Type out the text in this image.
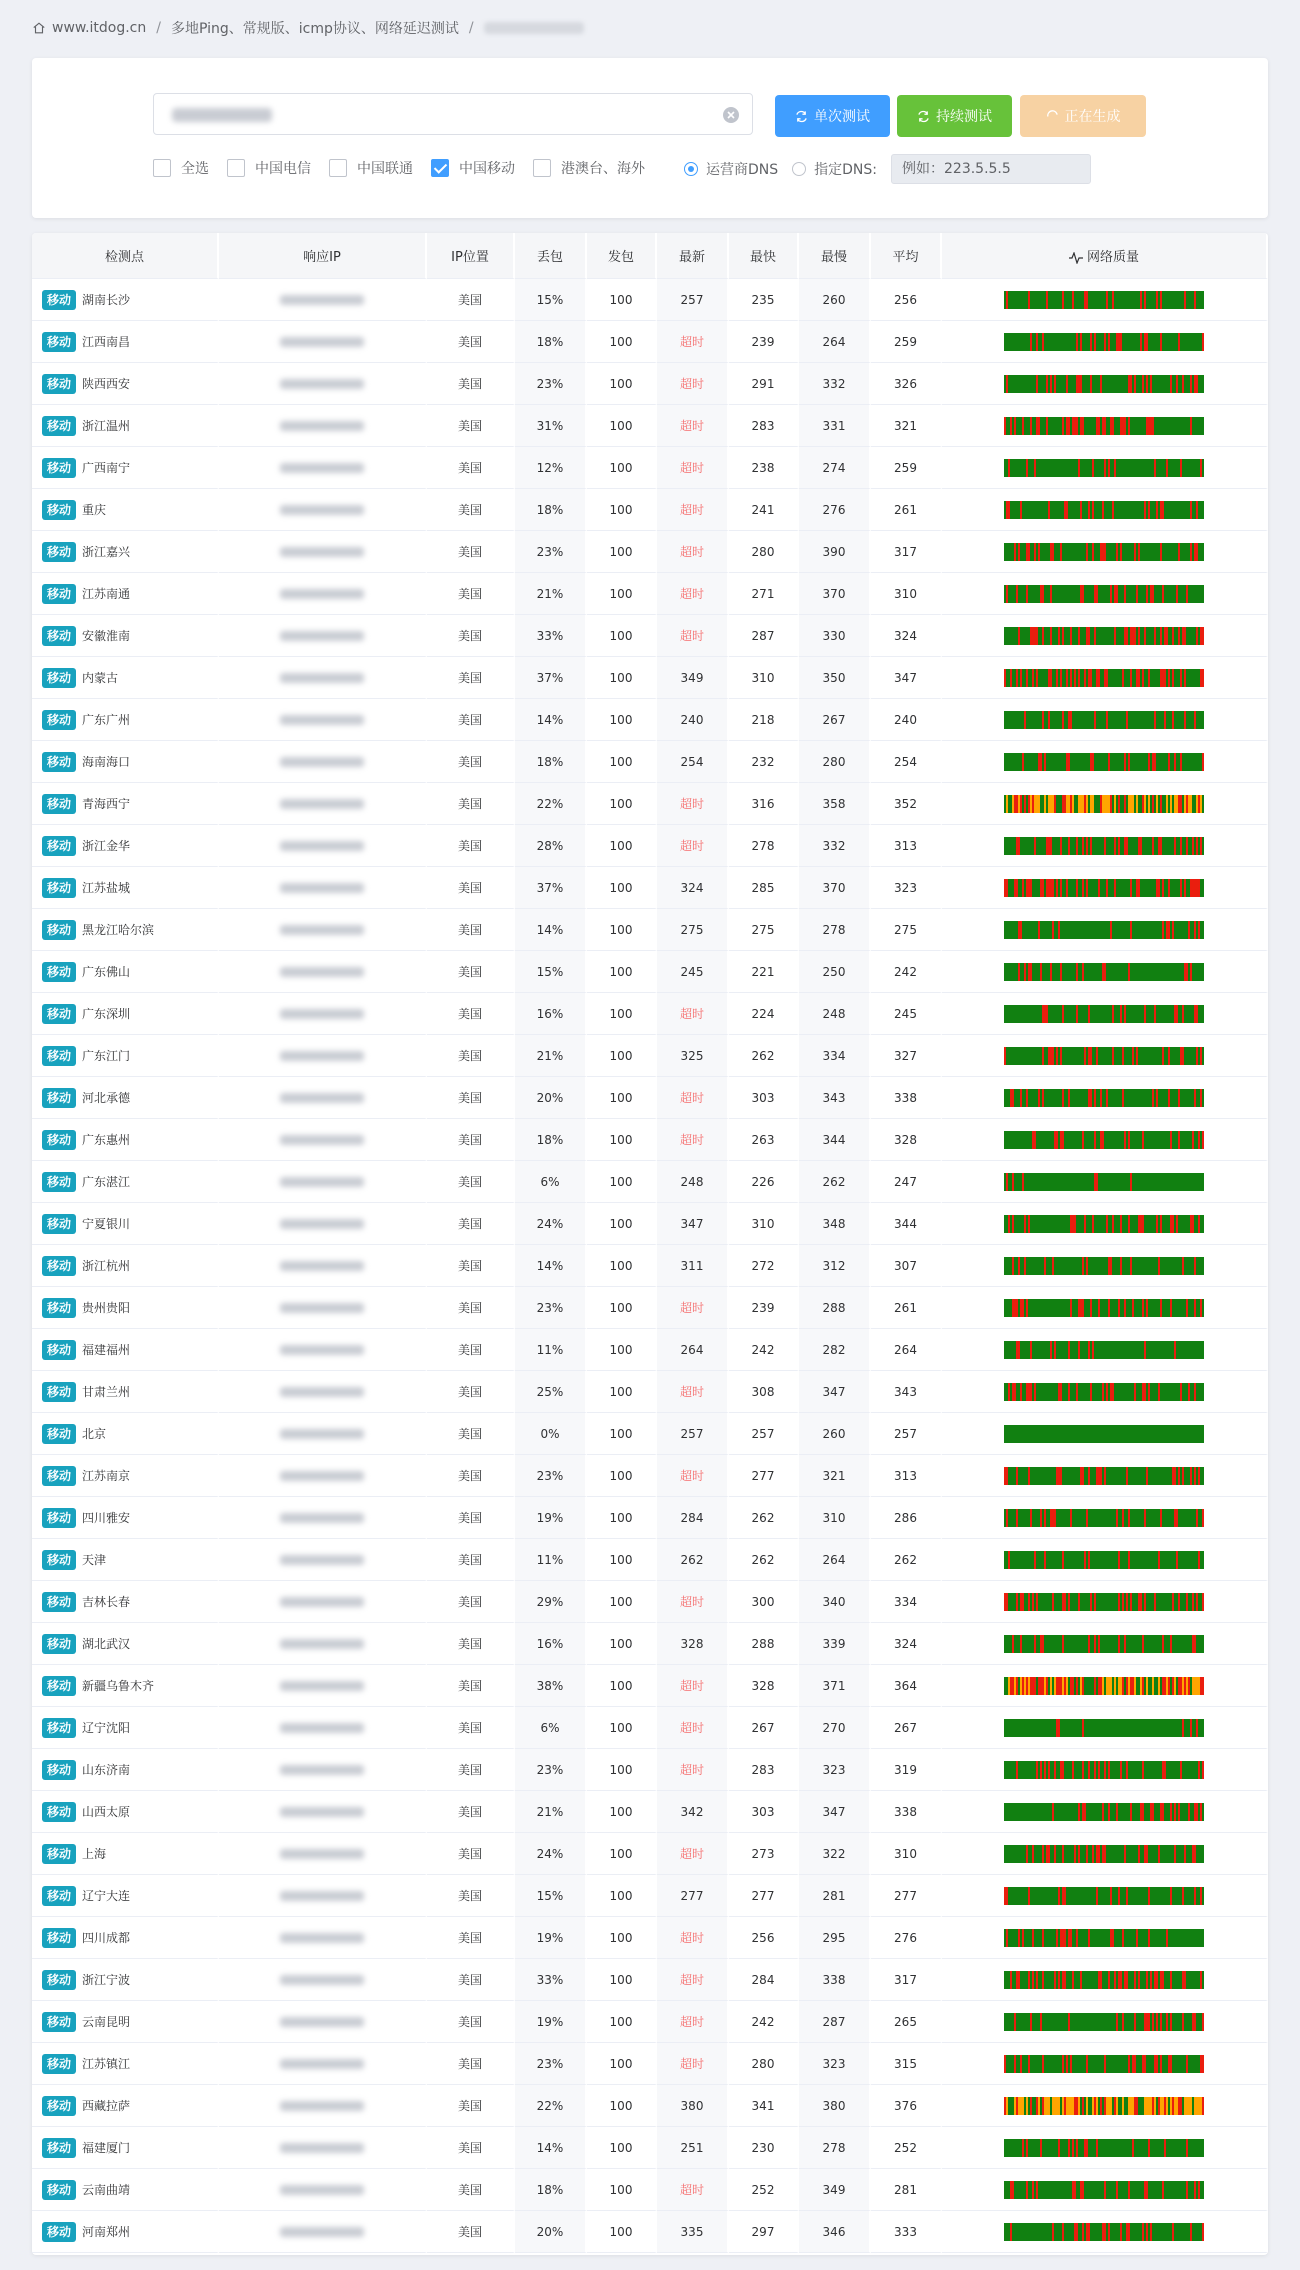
www.itdog.cn / 多地Ping、常规版、icmp协议、网络延迟测试 /
单次测试	持续测试	正在生成
全选	中国电信	中国联通	中国移动	港澳台、海外	运营商DNS	指定DNS:
例如：223.5.5.5
检测点	响应IP	IP位置	丢包	发包	最新	最快	最慢	平均	网络质量
移动 湖南长沙		美国	15%	100	257	235	260	256	

移动 江西南昌		美国	18%	100	超时	239	264	259	

移动 陕西西安		美国	23%	100	超时	291	332	326	

移动 浙江温州		美国	31%	100	超时	283	331	321	

移动 广西南宁		美国	12%	100	超时	238	274	259	

移动 重庆		美国	18%	100	超时	241	276	261	

移动 浙江嘉兴		美国	23%	100	超时	280	390	317	

移动 江苏南通		美国	21%	100	超时	271	370	310	

移动 安徽淮南		美国	33%	100	超时	287	330	324	

移动 内蒙古		美国	37%	100	349	310	350	347	

移动 广东广州		美国	14%	100	240	218	267	240	

移动 海南海口		美国	18%	100	254	232	280	254	

移动 青海西宁		美国	22%	100	超时	316	358	352	

移动 浙江金华		美国	28%	100	超时	278	332	313	

移动 江苏盐城		美国	37%	100	324	285	370	323	

移动 黑龙江哈尔滨		美国	14%	100	275	275	278	275	

移动 广东佛山		美国	15%	100	245	221	250	242	

移动 广东深圳		美国	16%	100	超时	224	248	245	

移动 广东江门		美国	21%	100	325	262	334	327	

移动 河北承德		美国	20%	100	超时	303	343	338	

移动 广东惠州		美国	18%	100	超时	263	344	328	

移动 广东湛江		美国	6%	100	248	226	262	247	

移动 宁夏银川		美国	24%	100	347	310	348	344	

移动 浙江杭州		美国	14%	100	311	272	312	307	

移动 贵州贵阳		美国	23%	100	超时	239	288	261	

移动 福建福州		美国	11%	100	264	242	282	264	

移动 甘肃兰州		美国	25%	100	超时	308	347	343	

移动 北京		美国	0%	100	257	257	260	257	

移动 江苏南京		美国	23%	100	超时	277	321	313	

移动 四川雅安		美国	19%	100	284	262	310	286	

移动 天津		美国	11%	100	262	262	264	262	

移动 吉林长春		美国	29%	100	超时	300	340	334	

移动 湖北武汉		美国	16%	100	328	288	339	324	

移动 新疆乌鲁木齐		美国	38%	100	超时	328	371	364	

移动 辽宁沈阳		美国	6%	100	超时	267	270	267	

移动 山东济南		美国	23%	100	超时	283	323	319	

移动 山西太原		美国	21%	100	342	303	347	338	

移动 上海		美国	24%	100	超时	273	322	310	

移动 辽宁大连		美国	15%	100	277	277	281	277	

移动 四川成都		美国	19%	100	超时	256	295	276	

移动 浙江宁波		美国	33%	100	超时	284	338	317	

移动 云南昆明		美国	19%	100	超时	242	287	265	

移动 江苏镇江		美国	23%	100	超时	280	323	315	

移动 西藏拉萨		美国	22%	100	380	341	380	376	

移动 福建厦门		美国	14%	100	251	230	278	252	

移动 云南曲靖		美国	18%	100	超时	252	349	281	

移动 河南郑州		美国	20%	100	335	297	346	333	
